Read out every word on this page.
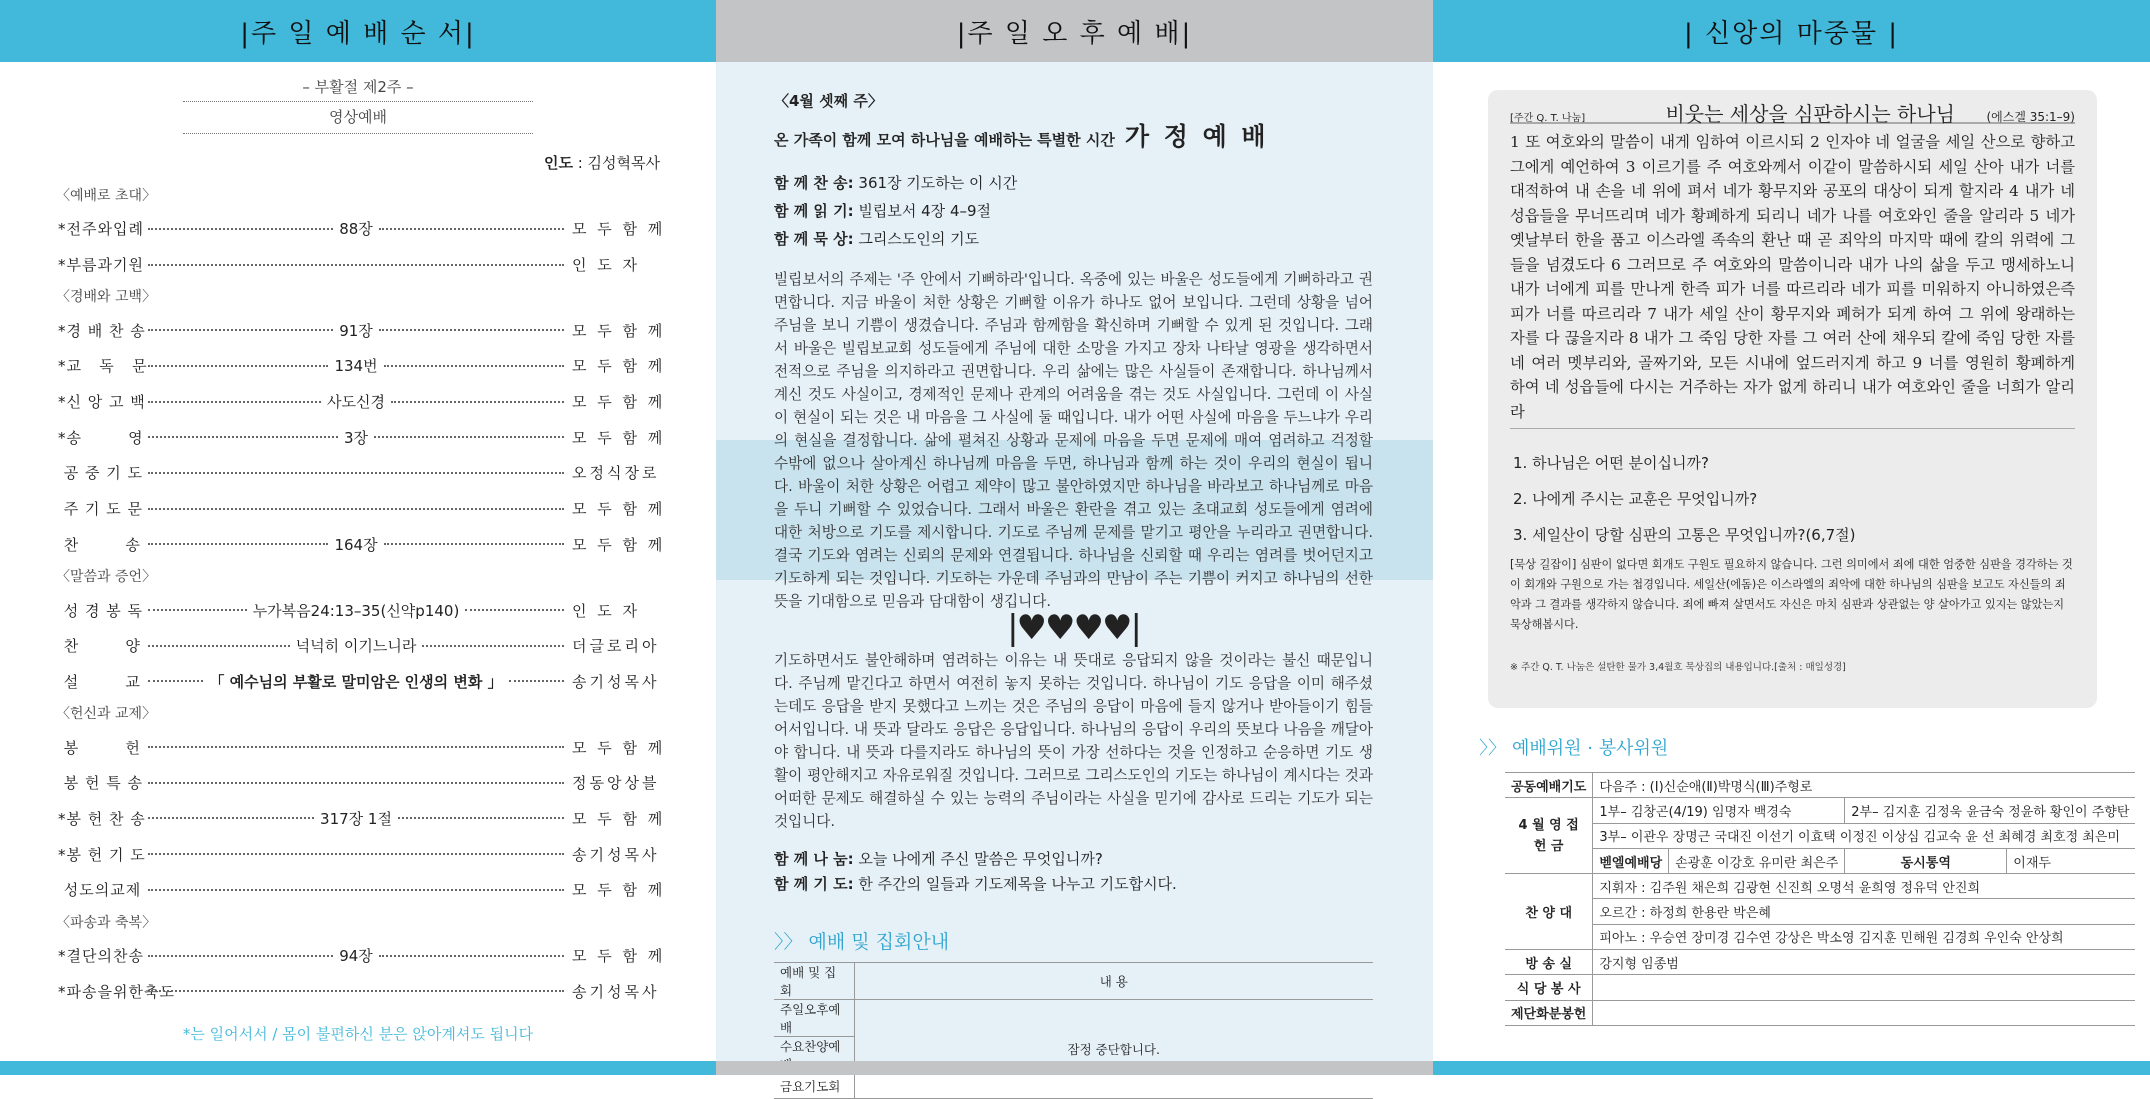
|주 일 예 배 순 서|
– 부활절 제2주 –
영상예배
인도 : 김성혁목사
〈예배로 초대〉
*전주와입례	88장	모 두 함 께
*부름과기원	인 도 자
〈경배와 고백〉
*경 배 찬 송	91장	모 두 함 께
*교   독   문	134번	모 두 함 께
*신 앙 고 백	사도신경	모 두 함 께
*송        영	3장	모 두 함 께
공 중 기 도	오정식장로
주 기 도 문	모 두 함 께
찬        송	164장	모 두 함 께
〈말씀과 증언〉
성 경 봉 독	누가복음24:13–35(신약p140)	인 도 자
찬        양	넉넉히 이기느니라	더글로리아
설        교	「 예수님의 부활로 말미암은 인생의 변화 」	송기성목사
〈헌신과 교제〉
봉        헌	모 두 함 께
봉 헌 특 송	정동앙상블
*봉 헌 찬 송	317장 1절	모 두 함 께
*봉 헌 기 도	송기성목사
성도의교제	모 두 함 께
〈파송과 축복〉
*결단의찬송	94장	모 두 함 께
*파송을위한축도	송기성목사
*는 일어서서 / 몸이 불편하신 분은 앉아계셔도 됩니다
|주 일 오 후 예 배|
〈4월 셋째 주〉
온 가족이 함께 모여 하나님을 예배하는 특별한 시간 가 정 예 배
함 께 찬 송: 361장 기도하는 이 시간
함 께 읽 기: 빌립보서 4장 4–9절
함 께 묵 상: 그리스도인의 기도
빌립보서의 주제는 '주 안에서 기뻐하라'입니다. 옥중에 있는 바울은 성도들에게 기뻐하라고 권면합니다. 지금 바울이 처한 상황은 기뻐할 이유가 하나도 없어 보입니다. 그런데 상황을 넘어 주님을 보니 기쁨이 생겼습니다. 주님과 함께함을 확신하며 기뻐할 수 있게 된 것입니다. 그래서 바울은 빌립보교회 성도들에게 주님에 대한 소망을 가지고 장차 나타날 영광을 생각하면서 전적으로 주님을 의지하라고 권면합니다. 우리 삶에는 많은 사실들이 존재합니다. 하나님께서 계신 것도 사실이고, 경제적인 문제나 관계의 어려움을 겪는 것도 사실입니다. 그런데 이 사실이 현실이 되는 것은 내 마음을 그 사실에 둘 때입니다. 내가 어떤 사실에 마음을 두느냐가 우리의 현실을 결정합니다. 삶에 펼쳐진 상황과 문제에 마음을 두면 문제에 매여 염려하고 걱정할 수밖에 없으나 살아계신 하나님께 마음을 두면, 하나님과 함께 하는 것이 우리의 현실이 됩니다. 바울이 처한 상황은 어렵고 제약이 많고 불안하였지만 하나님을 바라보고 하나님께로 마음을 두니 기뻐할 수 있었습니다. 그래서 바울은 환란을 겪고 있는 초대교회 성도들에게 염려에 대한 처방으로 기도를 제시합니다. 기도로 주님께 문제를 맡기고 평안을 누리라고 권면합니다. 결국 기도와 염려는 신뢰의 문제와 연결됩니다. 하나님을 신뢰할 때 우리는 염려를 벗어던지고 기도하게 되는 것입니다. 기도하는 가운데 주님과의 만남이 주는 기쁨이 커지고 하나님의 선한 뜻을 기대함으로 믿음과 담대함이 생깁니다.
|♥♥♥♥|
기도하면서도 불안해하며 염려하는 이유는 내 뜻대로 응답되지 않을 것이라는 불신 때문입니다. 주님께 맡긴다고 하면서 여전히 놓지 못하는 것입니다. 하나님이 기도 응답을 이미 해주셨는데도 응답을 받지 못했다고 느끼는 것은 주님의 응답이 마음에 들지 않거나 받아들이기 힘들어서입니다. 내 뜻과 달라도 응답은 응답입니다. 하나님의 응답이 우리의 뜻보다 나음을 깨달아야 합니다. 내 뜻과 다를지라도 하나님의 뜻이 가장 선하다는 것을 인정하고 순응하면 기도 생활이 평안해지고 자유로워질 것입니다. 그러므로 그리스도인의 기도는 하나님이 계시다는 것과 어떠한 문제도 해결하실 수 있는 능력의 주님이라는 사실을 믿기에 감사로 드리는 기도가 되는 것입니다.
함 께 나 눔: 오늘 나에게 주신 말씀은 무엇입니까?
함 께 기 도: 한 주간의 일들과 기도제목을 나누고 기도합시다.
〉〉 예배 및 집회안내
예배 및 집회	내 용
주일오후예배	잠정 중단합니다.
수요찬양예	
금요기도회	
| 신앙의 마중물 |
[주간 Q. T. 나눔]	비웃는 세상을 심판하시는 하나님	(에스겔 35:1–9)
1 또 여호와의 말씀이 내게 임하여 이르시되 2 인자야 네 얼굴을 세일 산으로 향하고 그에게 예언하여 3 이르기를 주 여호와께서 이같이 말씀하시되 세일 산아 내가 너를 대적하여 내 손을 네 위에 펴서 네가 황무지와 공포의 대상이 되게 할지라 4 내가 네 성읍들을 무너뜨리며 네가 황폐하게 되리니 네가 나를 여호와인 줄을 알리라 5 네가 옛날부터 한을 품고 이스라엘 족속의 환난 때 곧 죄악의 마지막 때에 칼의 위력에 그들을 넘겼도다 6 그러므로 주 여호와의 말씀이니라 내가 나의 삶을 두고 맹세하노니 내가 너에게 피를 만나게 한즉 피가 너를 따르리라 네가 피를 미워하지 아니하였은즉 피가 너를 따르리라 7 내가 세일 산이 황무지와 폐허가 되게 하여 그 위에 왕래하는 자를 다 끊을지라 8 내가 그 죽임 당한 자를 그 여러 산에 채우되 칼에 죽임 당한 자를 네 여러 멧부리와, 골짜기와, 모든 시내에 엎드러지게 하고 9 너를 영원히 황폐하게 하여 네 성읍들에 다시는 거주하는 자가 없게 하리니 내가 여호와인 줄을 너희가 알리라
1. 하나님은 어떤 분이십니까?
2. 나에게 주시는 교훈은 무엇입니까?
3. 세일산이 당할 심판의 고통은 무엇입니까?(6,7절)
[묵상 길잡이] 심판이 없다면 회개도 구원도 필요하지 않습니다. 그런 의미에서 죄에 대한 엄중한 심판을 경각하는 것이 회개와 구원으로 가는 첩경입니다. 세일산(에돔)은 이스라엘의 죄악에 대한 하나님의 심판을 보고도 자신들의 죄악과 그 결과를 생각하지 않습니다. 죄에 빠져 살면서도 자신은 마치 심판과 상관없는 양 살아가고 있지는 않았는지 묵상해봅시다.
※ 주간 Q. T. 나눔은 설탄한 물가 3,4월호 묵상집의 내용입니다.[출처 : 매일성경]
〉〉 예배위원 · 봉사위원
공동예배기도	다음주 : (Ⅰ)신순애(Ⅱ)박명식(Ⅲ)주형로			
4 월 영 접 헌 금	1부– 김창곤(4/19) 임명자 백경숙		2부– 김지훈 김정욱 윤금숙 정윤하 황인이 주향탄	
	3부– 이관우 장명근 국대진 이선기 이효택 이정진 이상심 김교숙 윤 선 최혜경 최호정 최은미			
	벧엘예배당	손광훈 이강호 유미란 최은주	동시통역	이재두
찬 양 대	지휘자 : 김주원 채은희 김광현 신진희 오명석 윤희영 정유덕 안진희			
	오르간 : 하정희 한용란 박은혜			
	피아노 : 우승연 장미경 김수연 강상은 박소영 김지훈 민해원 김경희 우인숙 안상희			
방 송 실	강지형 임종범			
식 당 봉 사				
제단화분봉헌				
